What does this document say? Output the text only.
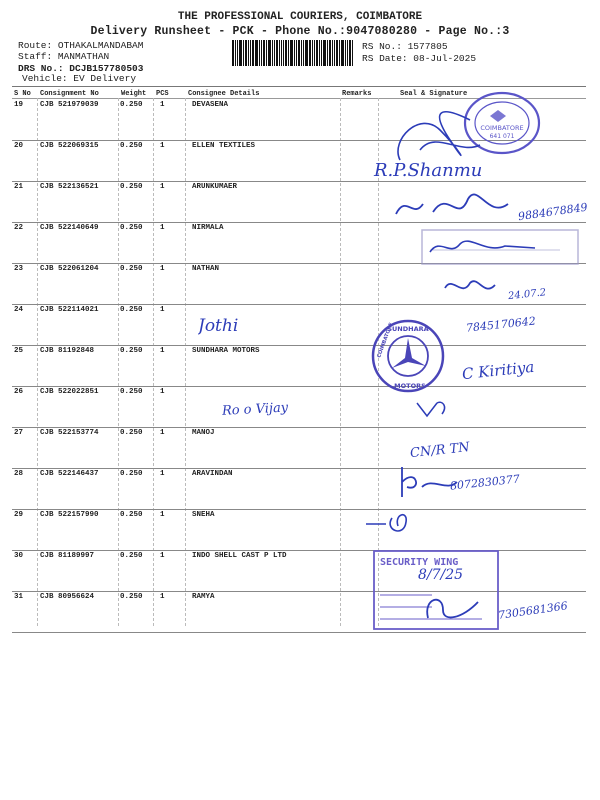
THE PROFESSIONAL COURIERS, COIMBATORE
Delivery Runsheet - PCK - Phone No.:9047080280 - Page No.:3
Route: OTHAKALMANDABAM
Staff: MANMATHAN
DRS No.: DCJB157780503
Vehicle: EV Delivery
RS No.: 1577805
RS Date: 08-Jul-2025
S No Consignment No	Weight PCS	Consignee Details	Remarks	Seal & Signature
19 CJB 521979039	0.250 1	DEVASENA
20 CJB 522069315	0.250 1	ELLEN TEXTILES
21 CJB 522136521	0.250 1	ARUNKUMAER
22 CJB 522140649	0.250 1	NIRMALA
23 CJB 522061204	0.250 1	NATHAN
24 CJB 522114021	0.250 1
25 CJB 81192848	0.250 1	SUNDHARA MOTORS
26 CJB 522022851	0.250 1
27 CJB 522153774	0.250 1	MANOJ
28 CJB 522146437	0.250 1	ARAVINDAN
29 CJB 522157990	0.250 1	SNEHA
30 CJB 81189997	0.250 1	INDO SHELL CAST P LTD
31 CJB 80956624	0.250 1	RAMYA
COIMBATORE
641 071
SUNDHARA
MOTORS
COIMBATORE
SECURITY WING
R.P.Shanmu
9884678849
24.07.2
Jothi	7845170642
C Kiritiya
Ro o Vijay
CN/R TN
8072830377
8/7/25
7305681366
